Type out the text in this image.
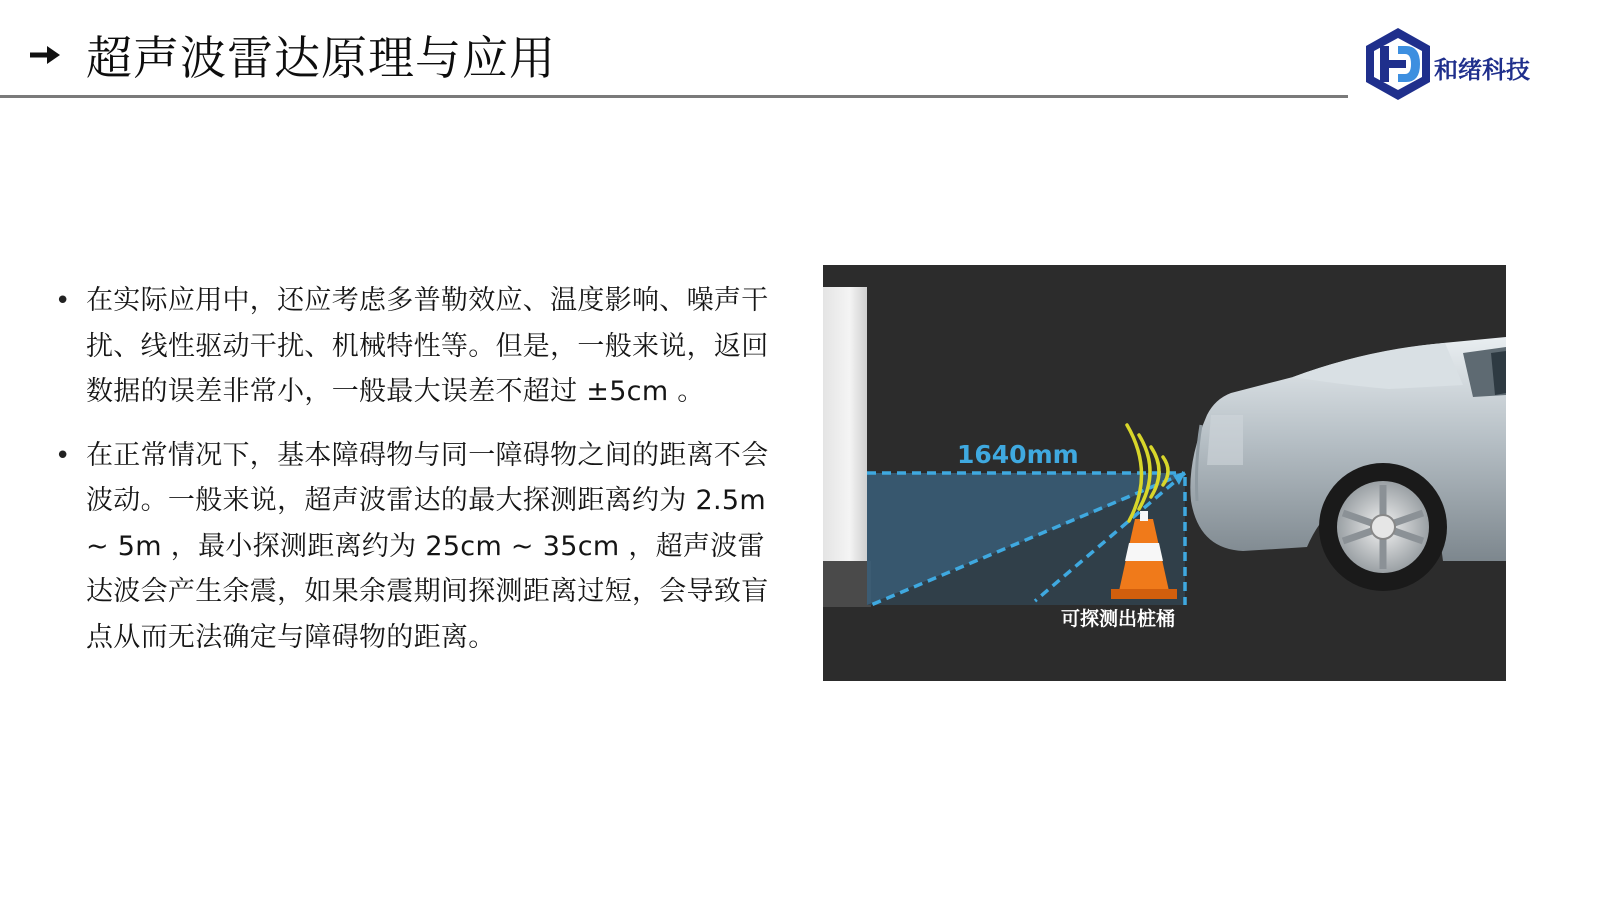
超声波雷达原理与应用	和绪科技
• 在实际应用中，还应考虑多普勒效应、温度影响、噪声干扰、线性驱动干扰、机械特性等。但是，一般来说，返回数据的误差非常小，一般最大误差不超过 ±5cm 。
• 在正常情况下，基本障碍物与同一障碍物之间的距离不会波动。一般来说，超声波雷达的最大探测距离约为 2.5m ~ 5m ，最小探测距离约为 25cm ~ 35cm ，超声波雷达波会产生余震，如果余震期间探测距离过短，会导致盲点从而无法确定与障碍物的距离。
1640mm
可探测出桩桶
